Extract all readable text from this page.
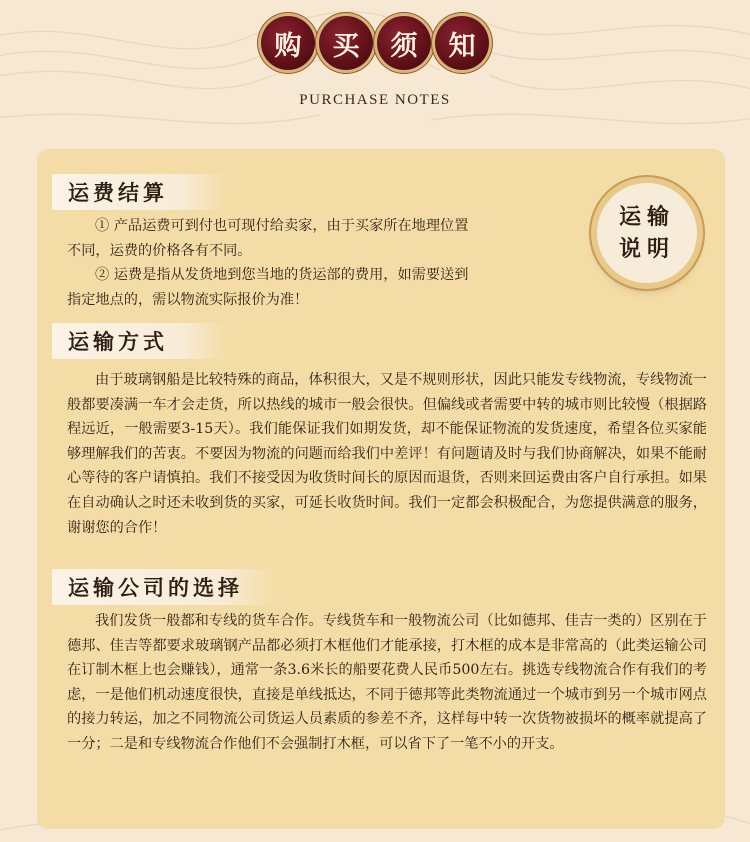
购	买	须	知
PURCHASE NOTES
运费结算
① 产品运费可到付也可现付给卖家，由于买家所在地理位置
不同，运费的价格各有不同。
② 运费是指从发货地到您当地的货运部的费用，如需要送到
指定地点的，需以物流实际报价为准！
运输
说明
运输方式
由于玻璃钢船是比较特殊的商品，体积很大，又是不规则形状，因此只能发专线物流，专线物流一般都要凑满一车才会走货，所以热线的城市一般会很快。但偏线或者需要中转的城市则比较慢（根据路程远近，一般需要3-15天）。我们能保证我们如期发货，却不能保证物流的发货速度，希望各位买家能够理解我们的苦衷。不要因为物流的问题而给我们中差评！有问题请及时与我们协商解决，如果不能耐心等待的客户请慎拍。我们不接受因为收货时间长的原因而退货，否则来回运费由客户自行承担。如果在自动确认之时还未收到货的买家，可延长收货时间。我们一定都会积极配合，为您提供满意的服务，谢谢您的合作！
运输公司的选择
我们发货一般都和专线的货车合作。专线货车和一般物流公司（比如德邦、佳吉一类的）区别在于德邦、佳吉等都要求玻璃钢产品都必须打木框他们才能承接，打木框的成本是非常高的（此类运输公司在订制木框上也会赚钱），通常一条3.6米长的船要花费人民币500左右。挑选专线物流合作有我们的考虑，一是他们机动速度很快，直接是单线抵达，不同于德邦等此类物流通过一个城市到另一个城市网点的接力转运，加之不同物流公司货运人员素质的参差不齐，这样每中转一次货物被损坏的概率就提高了一分；二是和专线物流合作他们不会强制打木框，可以省下了一笔不小的开支。
